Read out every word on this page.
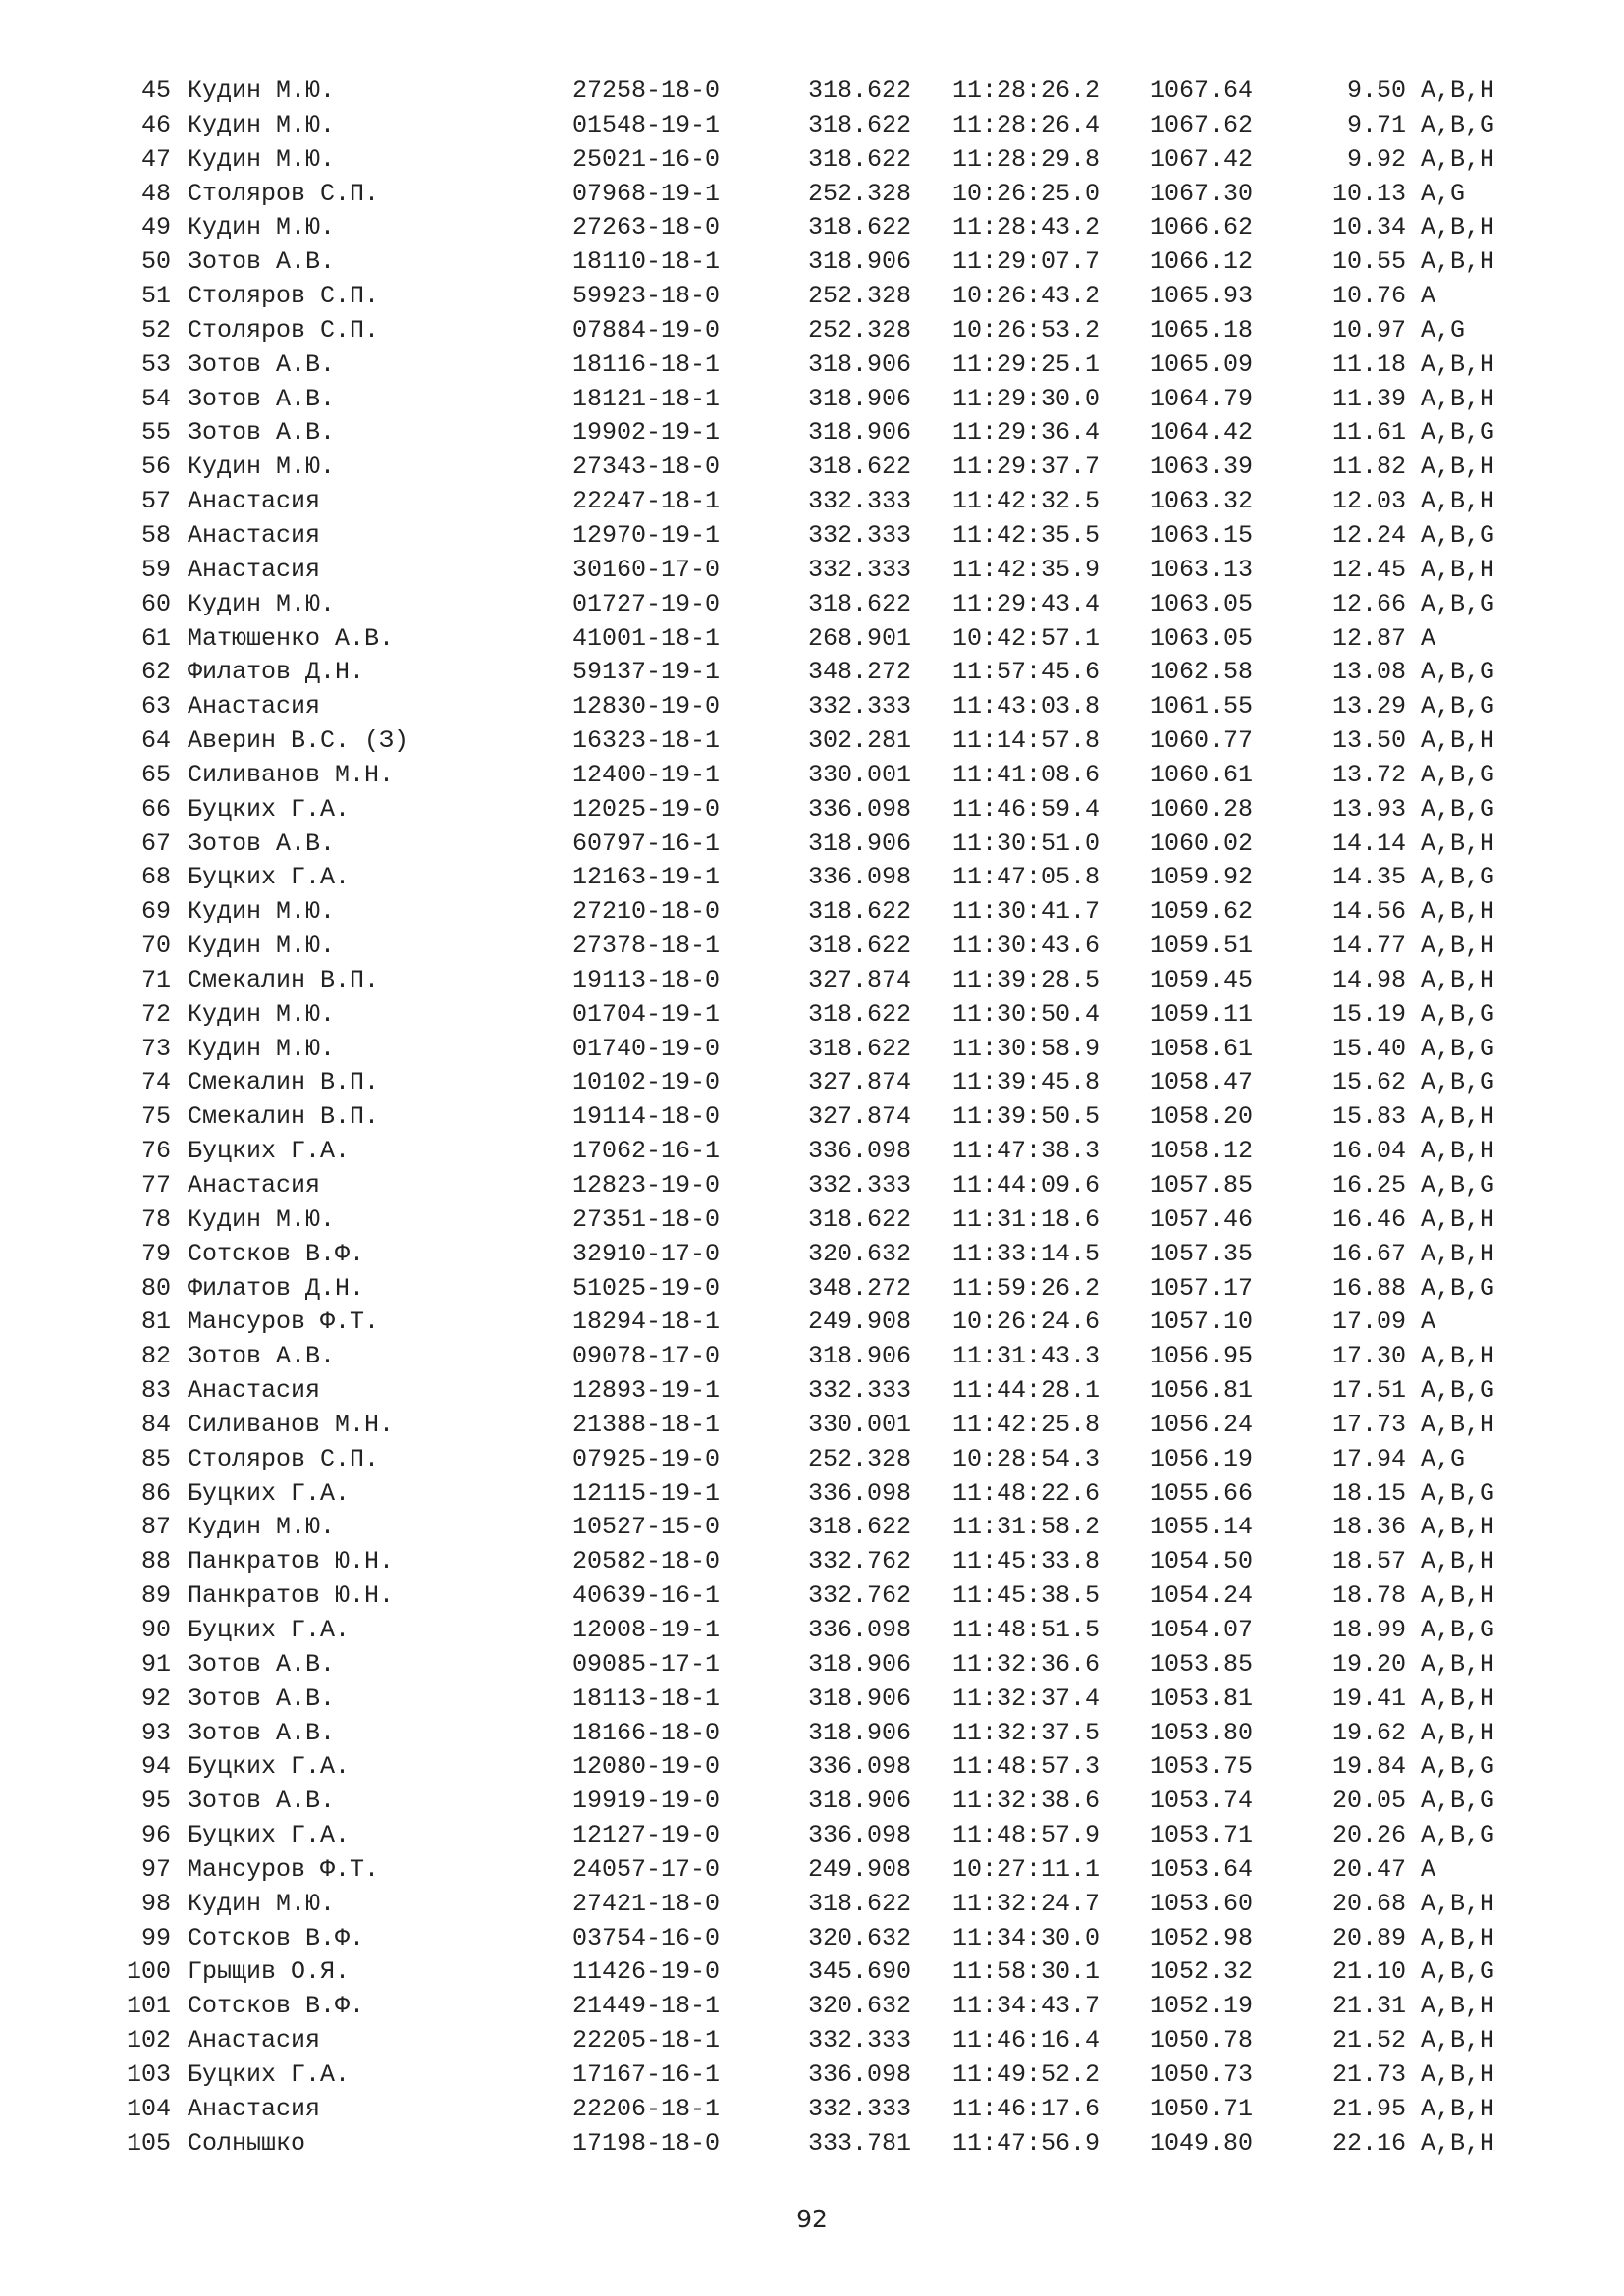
45 Кудин М.Ю.	27258-18-0	318.622 11:28:26.2 1067.64	9.50 A,B,H
46 Кудин М.Ю.	01548-19-1	318.622 11:28:26.4 1067.62	9.71 A,B,G
47 Кудин М.Ю.	25021-16-0	318.622 11:28:29.8 1067.42	9.92 A,B,H
48 Столяров С.П.	07968-19-1	252.328 10:26:25.0 1067.30	10.13 A,G
49 Кудин М.Ю.	27263-18-0	318.622 11:28:43.2 1066.62	10.34 A,B,H
50 Зотов А.В.	18110-18-1	318.906 11:29:07.7 1066.12	10.55 A,B,H
51 Столяров С.П.	59923-18-0	252.328 10:26:43.2 1065.93	10.76 A
52 Столяров С.П.	07884-19-0	252.328 10:26:53.2 1065.18	10.97 A,G
53 Зотов А.В.	18116-18-1	318.906 11:29:25.1 1065.09	11.18 A,B,H
54 Зотов А.В.	18121-18-1	318.906 11:29:30.0 1064.79	11.39 A,B,H
55 Зотов А.В.	19902-19-1	318.906 11:29:36.4 1064.42	11.61 A,B,G
56 Кудин М.Ю.	27343-18-0	318.622 11:29:37.7 1063.39	11.82 A,B,H
57 Анастасия	22247-18-1	332.333 11:42:32.5 1063.32	12.03 A,B,H
58 Анастасия	12970-19-1	332.333 11:42:35.5 1063.15	12.24 A,B,G
59 Анастасия	30160-17-0	332.333 11:42:35.9 1063.13	12.45 A,B,H
60 Кудин М.Ю.	01727-19-0	318.622 11:29:43.4 1063.05	12.66 A,B,G
61 Матюшенко А.В.	41001-18-1	268.901 10:42:57.1 1063.05	12.87 A
62 Филатов Д.Н.	59137-19-1	348.272 11:57:45.6 1062.58	13.08 A,B,G
63 Анастасия	12830-19-0	332.333 11:43:03.8 1061.55	13.29 A,B,G
64 Аверин В.С. (З)	16323-18-1	302.281 11:14:57.8 1060.77	13.50 A,B,H
65 Силиванов М.Н.	12400-19-1	330.001 11:41:08.6 1060.61	13.72 A,B,G
66 Буцких Г.А.	12025-19-0	336.098 11:46:59.4 1060.28	13.93 A,B,G
67 Зотов А.В.	60797-16-1	318.906 11:30:51.0 1060.02	14.14 A,B,H
68 Буцких Г.А.	12163-19-1	336.098 11:47:05.8 1059.92	14.35 A,B,G
69 Кудин М.Ю.	27210-18-0	318.622 11:30:41.7 1059.62	14.56 A,B,H
70 Кудин М.Ю.	27378-18-1	318.622 11:30:43.6 1059.51	14.77 A,B,H
71 Смекалин В.П.	19113-18-0	327.874 11:39:28.5 1059.45	14.98 A,B,H
72 Кудин М.Ю.	01704-19-1	318.622 11:30:50.4 1059.11	15.19 A,B,G
73 Кудин М.Ю.	01740-19-0	318.622 11:30:58.9 1058.61	15.40 A,B,G
74 Смекалин В.П.	10102-19-0	327.874 11:39:45.8 1058.47	15.62 A,B,G
75 Смекалин В.П.	19114-18-0	327.874 11:39:50.5 1058.20	15.83 A,B,H
76 Буцких Г.А.	17062-16-1	336.098 11:47:38.3 1058.12	16.04 A,B,H
77 Анастасия	12823-19-0	332.333 11:44:09.6 1057.85	16.25 A,B,G
78 Кудин М.Ю.	27351-18-0	318.622 11:31:18.6 1057.46	16.46 A,B,H
79 Сотсков В.Ф.	32910-17-0	320.632 11:33:14.5 1057.35	16.67 A,B,H
80 Филатов Д.Н.	51025-19-0	348.272 11:59:26.2 1057.17	16.88 A,B,G
81 Мансуров Ф.Т.	18294-18-1	249.908 10:26:24.6 1057.10	17.09 A
82 Зотов А.В.	09078-17-0	318.906 11:31:43.3 1056.95	17.30 A,B,H
83 Анастасия	12893-19-1	332.333 11:44:28.1 1056.81	17.51 A,B,G
84 Силиванов М.Н.	21388-18-1	330.001 11:42:25.8 1056.24	17.73 A,B,H
85 Столяров С.П.	07925-19-0	252.328 10:28:54.3 1056.19	17.94 A,G
86 Буцких Г.А.	12115-19-1	336.098 11:48:22.6 1055.66	18.15 A,B,G
87 Кудин М.Ю.	10527-15-0	318.622 11:31:58.2 1055.14	18.36 A,B,H
88 Панкратов Ю.Н.	20582-18-0	332.762 11:45:33.8 1054.50	18.57 A,B,H
89 Панкратов Ю.Н.	40639-16-1	332.762 11:45:38.5 1054.24	18.78 A,B,H
90 Буцких Г.А.	12008-19-1	336.098 11:48:51.5 1054.07	18.99 A,B,G
91 Зотов А.В.	09085-17-1	318.906 11:32:36.6 1053.85	19.20 A,B,H
92 Зотов А.В.	18113-18-1	318.906 11:32:37.4 1053.81	19.41 A,B,H
93 Зотов А.В.	18166-18-0	318.906 11:32:37.5 1053.80	19.62 A,B,H
94 Буцких Г.А.	12080-19-0	336.098 11:48:57.3 1053.75	19.84 A,B,G
95 Зотов А.В.	19919-19-0	318.906 11:32:38.6 1053.74	20.05 A,B,G
96 Буцких Г.А.	12127-19-0	336.098 11:48:57.9 1053.71	20.26 A,B,G
97 Мансуров Ф.Т.	24057-17-0	249.908 10:27:11.1 1053.64	20.47 A
98 Кудин М.Ю.	27421-18-0	318.622 11:32:24.7 1053.60	20.68 A,B,H
99 Сотсков В.Ф.	03754-16-0	320.632 11:34:30.0 1052.98	20.89 A,B,H
100 Грыщив О.Я.	11426-19-0	345.690 11:58:30.1 1052.32	21.10 A,B,G
101 Сотсков В.Ф.	21449-18-1	320.632 11:34:43.7 1052.19	21.31 A,B,H
102 Анастасия	22205-18-1	332.333 11:46:16.4 1050.78	21.52 A,B,H
103 Буцких Г.А.	17167-16-1	336.098 11:49:52.2 1050.73	21.73 A,B,H
104 Анастасия	22206-18-1	332.333 11:46:17.6 1050.71	21.95 A,B,H
105 Солнышко	17198-18-0	333.781 11:47:56.9 1049.80	22.16 A,B,H
92
